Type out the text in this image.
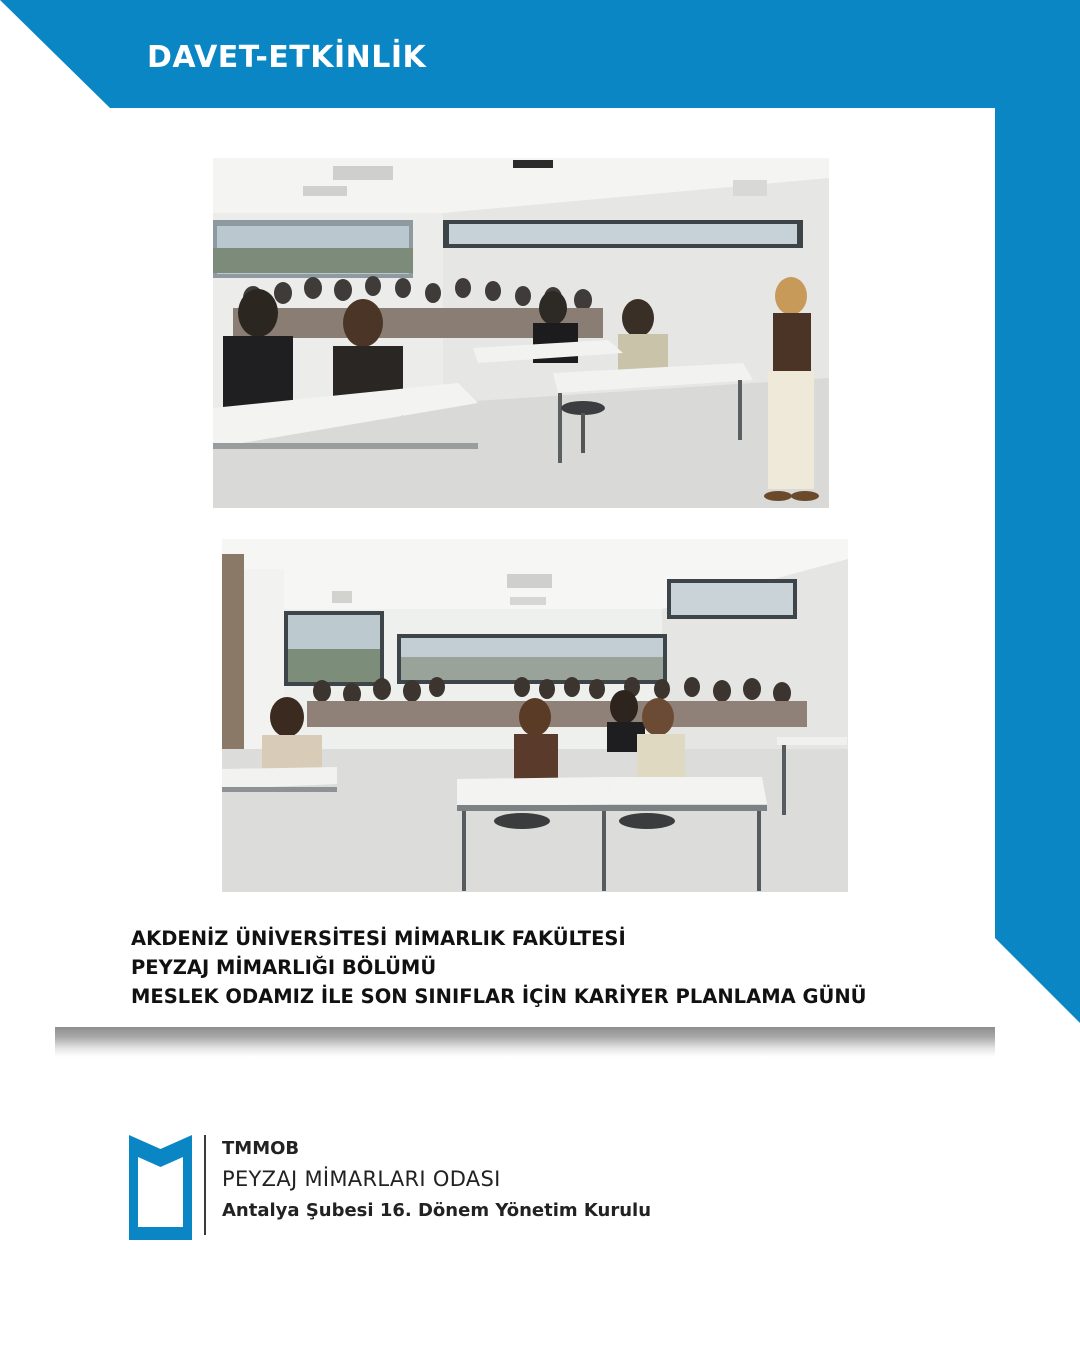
DAVET-ETKİNLİK
AKDENİZ ÜNİVERSİTESİ MİMARLIK FAKÜLTESİ
PEYZAJ MİMARLIĞI BÖLÜMÜ
MESLEK ODAMIZ İLE SON SINIFLAR İÇİN KARİYER PLANLAMA GÜNÜ
TMMOB
PEYZAJ MİMARLARI ODASI
Antalya Şubesi 16. Dönem Yönetim Kurulu
